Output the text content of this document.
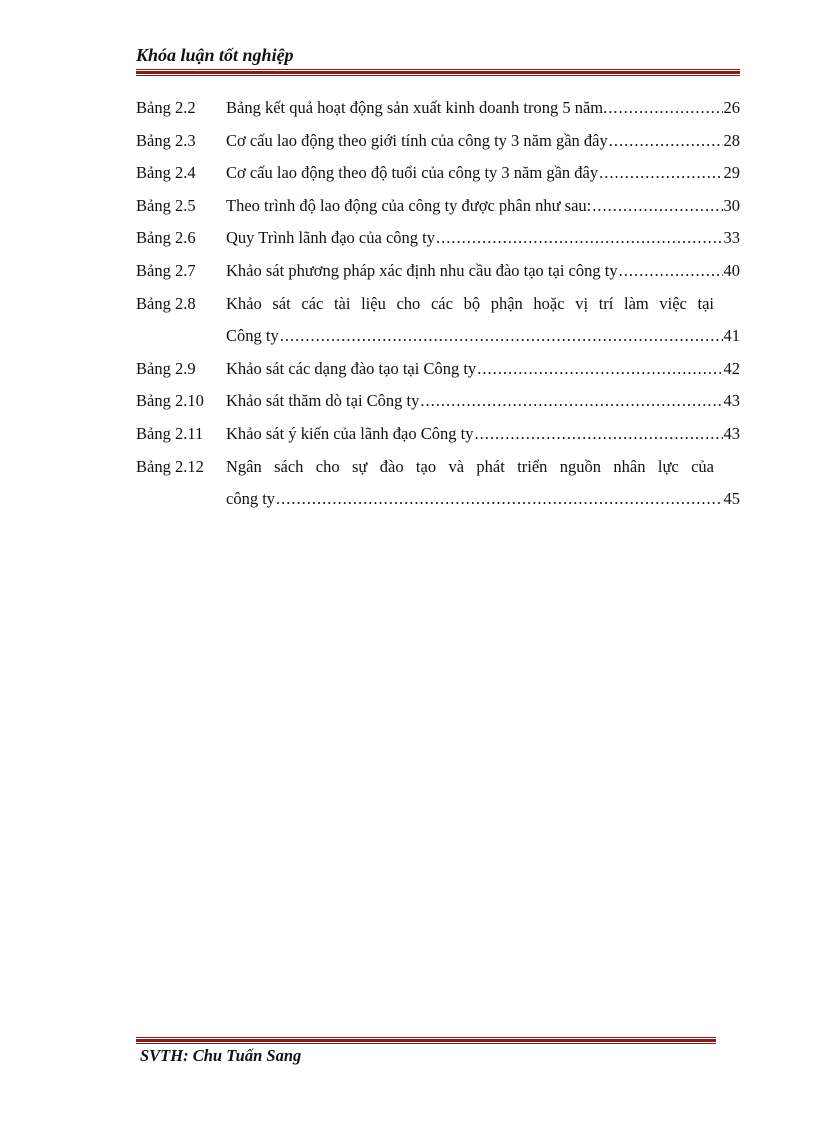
Khóa luận tốt nghiệp
Bảng 2.2 Bảng kết quả hoạt động sản xuất kinh doanh trong 5 năm. .....	26
Bảng 2.3 Cơ cấu lao động theo giới tính của công ty 3 năm gần đây .....	28
Bảng 2.4 Cơ cấu lao động theo độ tuổi của công ty 3 năm gần đây .....	29
Bảng 2.5 Theo trình độ lao động của công ty được phân như sau: .....	30
Bảng 2.6 Quy Trình lãnh đạo của công ty .....	33
Bảng 2.7 Khảo sát phương pháp xác định nhu cầu đào tạo tại công ty .....	40
Bảng 2.8 Khảo sát các tài liệu cho các bộ phận hoặc vị trí làm việc tại
Công ty .....	41
Bảng 2.9 Khảo sát các dạng đào tạo tại Công ty .....	42
Bảng 2.10 Khảo sát thăm dò tại Công ty .....	43
Bảng 2.11 Khảo sát ý kiến của lãnh đạo Công ty .....	43
Bảng 2.12 Ngân sách cho sự đào tạo và phát triển nguồn nhân lực của
công ty .....	45
SVTH: Chu Tuấn Sang
